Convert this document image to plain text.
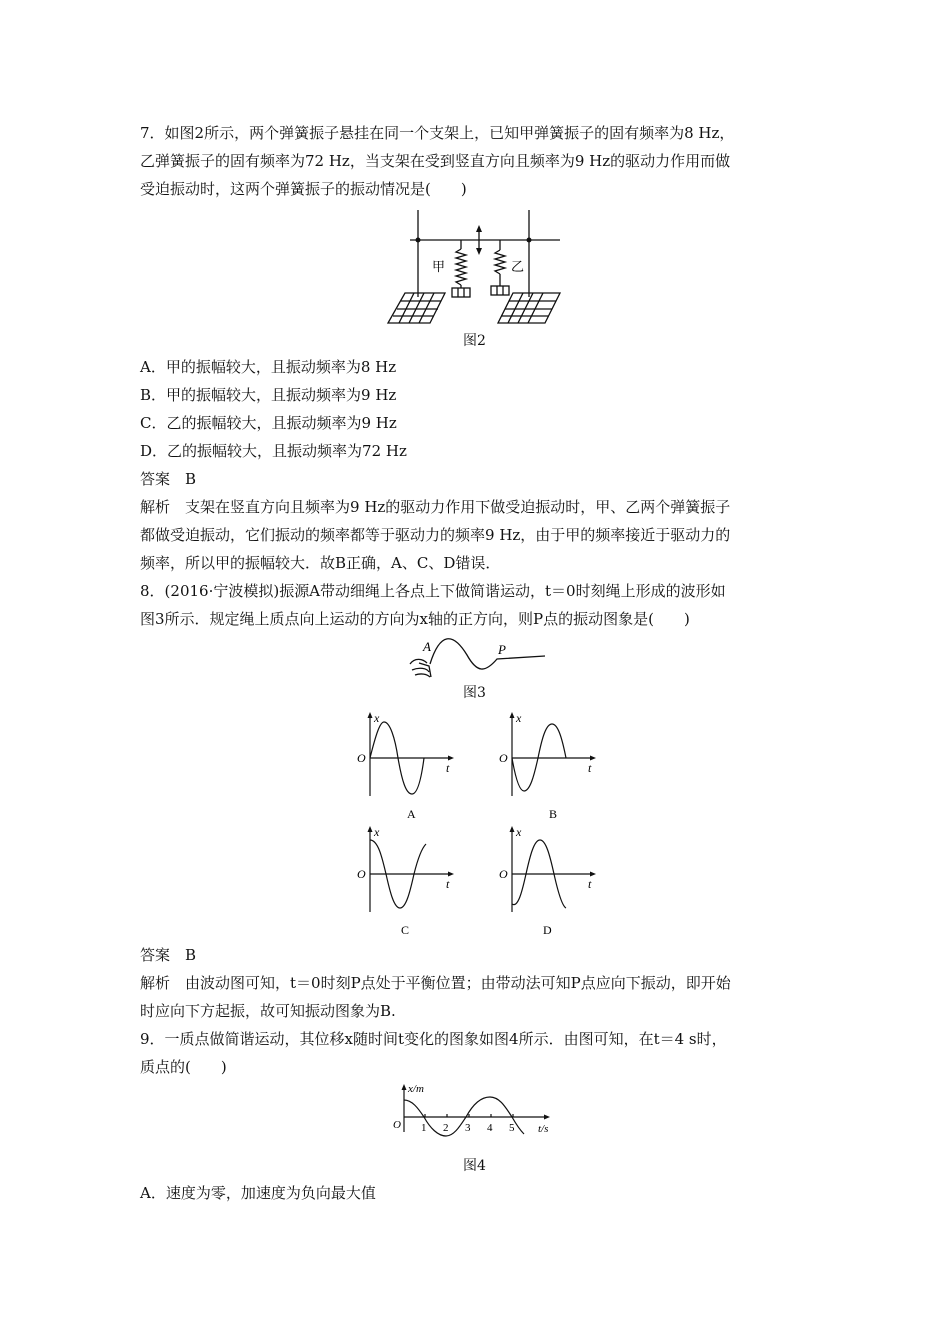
7．如图2所示，两个弹簧振子悬挂在同一个支架上，已知甲弹簧振子的固有频率为8 Hz，
乙弹簧振子的固有频率为72 Hz，当支架在受到竖直方向且频率为9 Hz的驱动力作用而做
受迫振动时，这两个弹簧振子的振动情况是(　　)
甲	乙
图2
A．甲的振幅较大，且振动频率为8 Hz
B．甲的振幅较大，且振动频率为9 Hz
C．乙的振幅较大，且振动频率为9 Hz
D．乙的振幅较大，且振动频率为72 Hz
答案　B
解析　支架在竖直方向且频率为9 Hz的驱动力作用下做受迫振动时，甲、乙两个弹簧振子
都做受迫振动，它们振动的频率都等于驱动力的频率9 Hz，由于甲的频率接近于驱动力的
频率，所以甲的振幅较大．故B正确，A、C、D错误．
8．(2016·宁波模拟)振源A带动细绳上各点上下做简谐运动，t＝0时刻绳上形成的波形如
图3所示．规定绳上质点向上运动的方向为x轴的正方向，则P点的振动图象是(　　)
A	P
图3
x
t
O
A
x
t
O
B
x
t
O
C
x
t
O
D
答案　B
解析　由波动图可知，t＝0时刻P点处于平衡位置；由带动法可知P点应向下振动，即开始
时应向下方起振，故可知振动图象为B.
9．一质点做简谐运动，其位移x随时间t变化的图象如图4所示．由图可知，在t＝4 s时，
质点的(　　)
x/m
t/s
O 1 2 3 4 5
图4
A．速度为零，加速度为负向最大值
